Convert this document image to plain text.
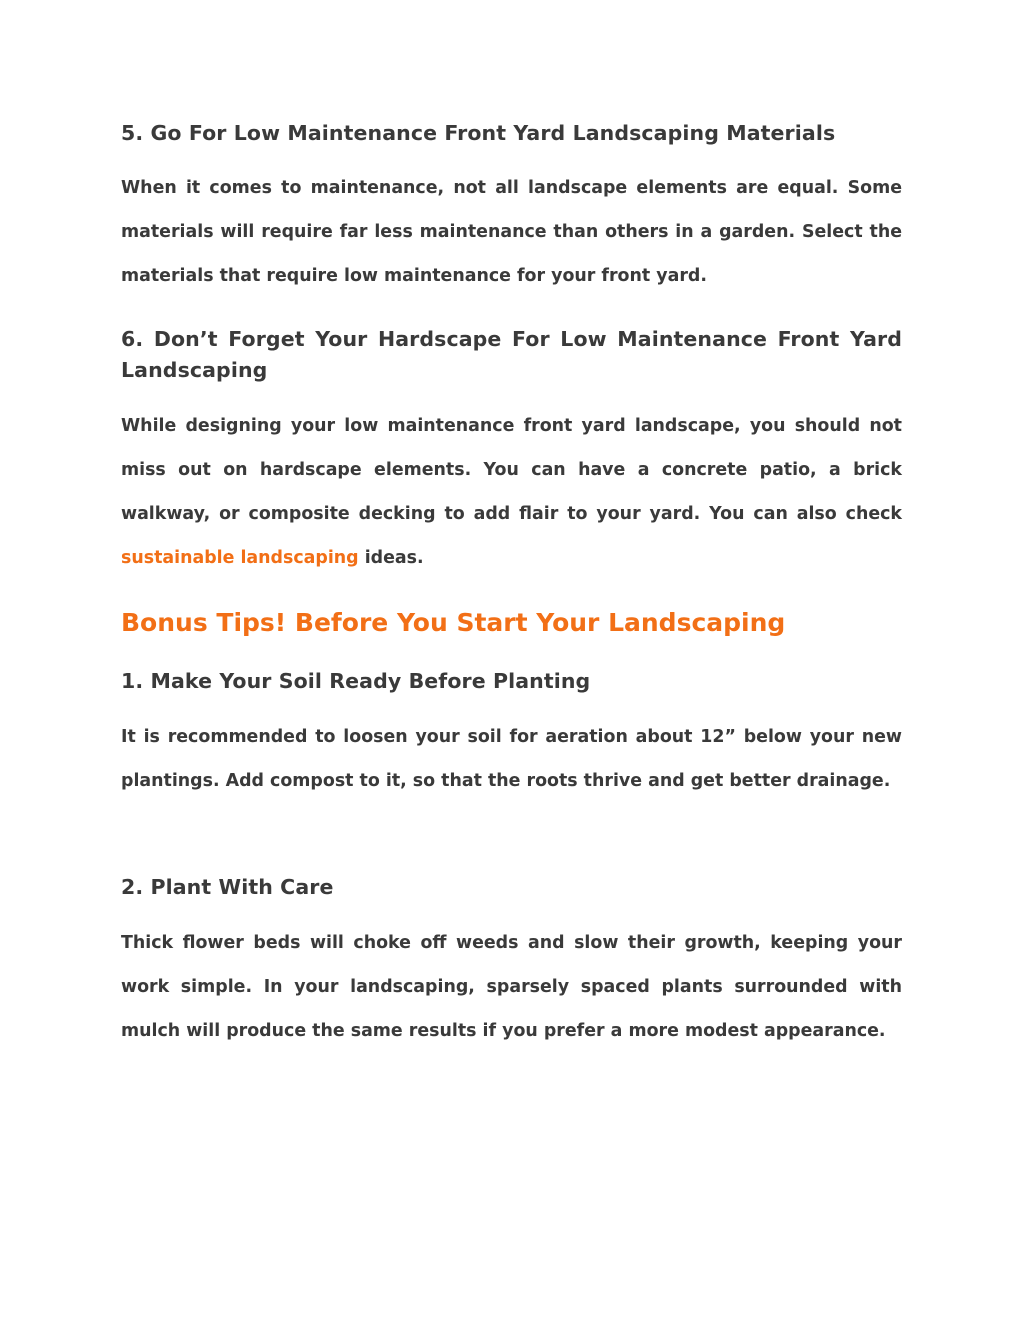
5. Go For Low Maintenance Front Yard Landscaping Materials

When it comes to maintenance, not all landscape elements are equal. Some materials will require far less maintenance than others in a garden. Select the materials that require low maintenance for your front yard.

6. Don’t Forget Your Hardscape For Low Maintenance Front Yard Landscaping

While designing your low maintenance front yard landscape, you should not miss out on hardscape elements. You can have a concrete patio, a brick walkway, or composite decking to add flair to your yard. You can also check sustainable landscaping ideas.

Bonus Tips! Before You Start Your Landscaping
1. Make Your Soil Ready Before Planting

It is recommended to loosen your soil for aeration about 12” below your new plantings. Add compost to it, so that the roots thrive and get better drainage.

2. Plant With Care

Thick flower beds will choke off weeds and slow their growth, keeping your work simple. In your landscaping, sparsely spaced plants surrounded with mulch will produce the same results if you prefer a more modest appearance.
